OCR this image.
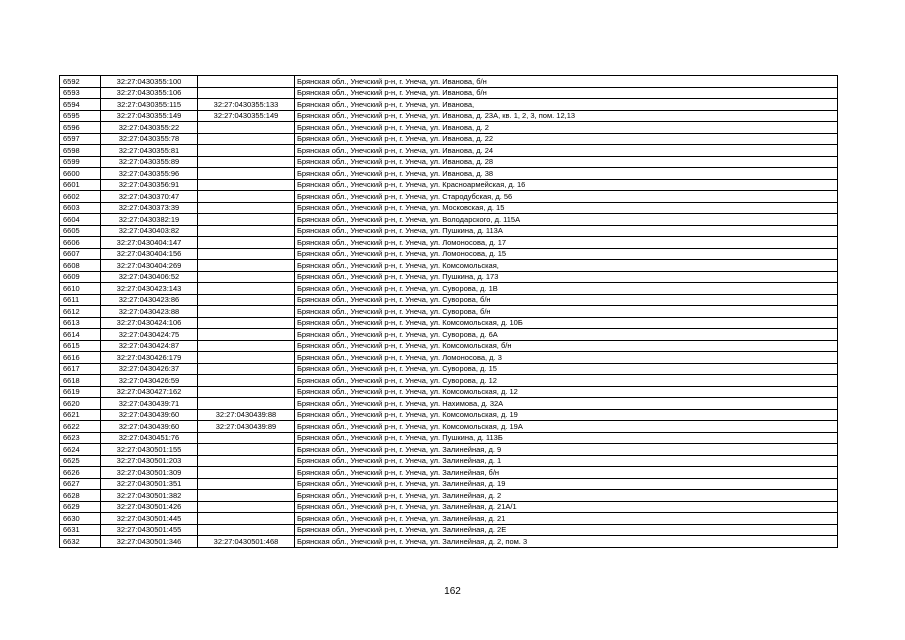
6592	32:27:0430355:100		Брянская обл., Унечский р-н, г. Унеча, ул. Иванова, б/н
6593	32:27:0430355:106		Брянская обл., Унечский р-н, г. Унеча, ул. Иванова, б/н
6594	32:27:0430355:115	32:27:0430355:133	Брянская обл., Унечский р-н, г. Унеча, ул. Иванова,
6595	32:27:0430355:149	32:27:0430355:149	Брянская обл., Унечский р-н, г. Унеча, ул. Иванова, д. 23А, кв. 1, 2, 3, пом. 12,13
6596	32:27:0430355:22		Брянская обл., Унечский р-н, г. Унеча, ул. Иванова, д. 2
6597	32:27:0430355:78		Брянская обл., Унечский р-н, г. Унеча, ул. Иванова, д. 22
6598	32:27:0430355:81		Брянская обл., Унечский р-н, г. Унеча, ул. Иванова, д. 24
6599	32:27:0430355:89		Брянская обл., Унечский р-н, г. Унеча, ул. Иванова, д. 28
6600	32:27:0430355:96		Брянская обл., Унечский р-н, г. Унеча, ул. Иванова, д. 38
6601	32:27:0430356:91		Брянская обл., Унечский р-н, г. Унеча, ул. Красноармейская, д. 16
6602	32:27:0430370:47		Брянская обл., Унечский р-н, г. Унеча, ул. Стародубская, д. 56
6603	32:27:0430373:39		Брянская обл., Унечский р-н, г. Унеча, ул. Московская, д. 15
6604	32:27:0430382:19		Брянская обл., Унечский р-н, г. Унеча, ул. Володарского, д. 115А
6605	32:27:0430403:82		Брянская обл., Унечский р-н, г. Унеча, ул. Пушкина, д. 113А
6606	32:27:0430404:147		Брянская обл., Унечский р-н, г. Унеча, ул. Ломоносова, д. 17
6607	32:27:0430404:156		Брянская обл., Унечский р-н, г. Унеча, ул. Ломоносова, д. 15
6608	32:27:0430404:269		Брянская обл., Унечский р-н, г. Унеча, ул. Комсомольская,
6609	32:27:0430406:52		Брянская обл., Унечский р-н, г. Унеча, ул. Пушкина, д. 173
6610	32:27:0430423:143		Брянская обл., Унечский р-н, г. Унеча, ул. Суворова, д. 1В
6611	32:27:0430423:86		Брянская обл., Унечский р-н, г. Унеча, ул. Суворова, б/н
6612	32:27:0430423:88		Брянская обл., Унечский р-н, г. Унеча, ул. Суворова, б/н
6613	32:27:0430424:106		Брянская обл., Унечский р-н, г. Унеча, ул. Комсомольская, д. 10Б
6614	32:27:0430424:75		Брянская обл., Унечский р-н, г. Унеча, ул. Суворова, д. 6А
6615	32:27:0430424:87		Брянская обл., Унечский р-н, г. Унеча, ул. Комсомольская, б/н
6616	32:27:0430426:179		Брянская обл., Унечский р-н, г. Унеча, ул. Ломоносова, д. 3
6617	32:27:0430426:37		Брянская обл., Унечский р-н, г. Унеча, ул. Суворова, д. 15
6618	32:27:0430426:59		Брянская обл., Унечский р-н, г. Унеча, ул. Суворова, д. 12
6619	32:27:0430427:162		Брянская обл., Унечский р-н, г. Унеча, ул. Комсомольская, д. 12
6620	32:27:0430439:71		Брянская обл., Унечский р-н, г. Унеча, ул. Нахимова, д. 32А
6621	32:27:0430439:60	32:27:0430439:88	Брянская обл., Унечский р-н, г. Унеча, ул. Комсомольская, д. 19
6622	32:27:0430439:60	32:27:0430439:89	Брянская обл., Унечский р-н, г. Унеча, ул. Комсомольская, д. 19А
6623	32:27:0430451:76		Брянская обл., Унечский р-н, г. Унеча, ул. Пушкина, д. 113Б
6624	32:27:0430501:155		Брянская обл., Унечский р-н, г. Унеча, ул. Залинейная, д. 9
6625	32:27:0430501:203		Брянская обл., Унечский р-н, г. Унеча, ул. Залинейная, д. 1
6626	32:27:0430501:309		Брянская обл., Унечский р-н, г. Унеча, ул. Залинейная, б/н
6627	32:27:0430501:351		Брянская обл., Унечский р-н, г. Унеча, ул. Залинейная, д. 19
6628	32:27:0430501:382		Брянская обл., Унечский р-н, г. Унеча, ул. Залинейная, д. 2
6629	32:27:0430501:426		Брянская обл., Унечский р-н, г. Унеча, ул. Залинейная, д. 21А/1
6630	32:27:0430501:445		Брянская обл., Унечский р-н, г. Унеча, ул. Залинейная, д. 21
6631	32:27:0430501:455		Брянская обл., Унечский р-н, г. Унеча, ул. Залинейная, д. 2Е
6632	32:27:0430501:346	32:27:0430501:468	Брянская обл., Унечский р-н, г. Унеча, ул. Залинейная, д. 2, пом. 3
162
